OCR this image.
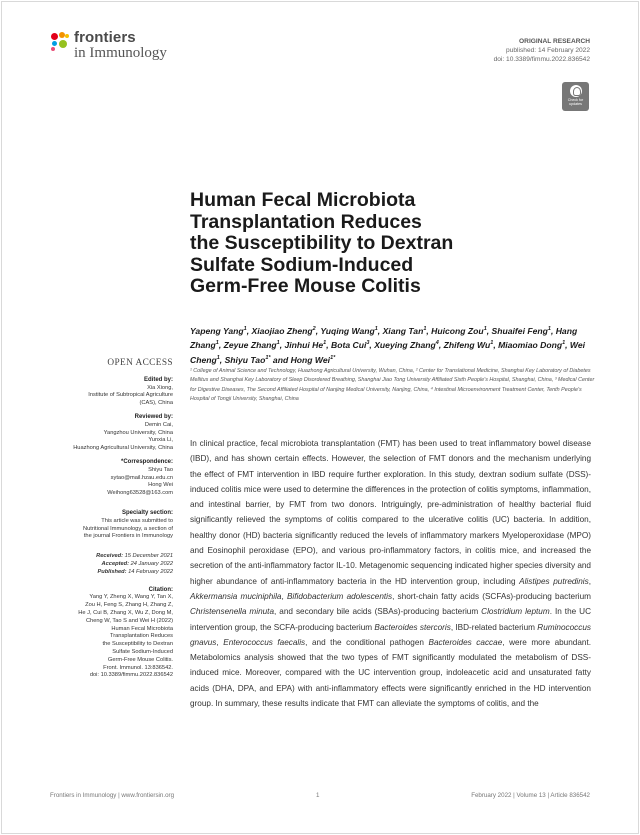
frontiers
in Immunology
ORIGINAL RESEARCH
published: 14 February 2022
doi: 10.3389/fimmu.2022.836542
Check for
updates
Human Fecal Microbiota
Transplantation Reduces
the Susceptibility to Dextran
Sulfate Sodium-Induced
Germ-Free Mouse Colitis
Yapeng Yang$^1$, Xiaojiao Zheng$^2$, Yuqing Wang$^1$, Xiang Tan$^1$, Huicong Zou$^1$, Shuaifei Feng$^1$, Hang Zhang$^1$, Zeyue Zhang$^1$, Jinhui He$^1$, Bota Cui$^3$, Xueying Zhang$^4$, Zhifeng Wu$^1$, Miaomiao Dong$^1$, Wei Cheng$^1$, Shiyu Tao$^{1*}$ and Hong Wei$^{1*}$
¹ College of Animal Science and Technology, Huazhong Agricultural University, Wuhan, China, ² Center for Translational Medicine, Shanghai Key Laboratory of Diabetes Mellitus and Shanghai Key Laboratory of Sleep Disordered Breathing, Shanghai Jiao Tong University Affiliated Sixth People's Hospital, Shanghai, China, ³ Medical Center for Digestive Diseases, The Second Affiliated Hospital of Nanjing Medical University, Nanjing, China, ⁴ Intestinal Microenvironment Treatment Center, Tenth People's Hospital of Tongji University, Shanghai, China
In clinical practice, fecal microbiota transplantation (FMT) has been used to treat inflammatory bowel disease (IBD), and has shown certain effects. However, the selection of FMT donors and the mechanism underlying the effect of FMT intervention in IBD require further exploration. In this study, dextran sodium sulfate (DSS)-induced colitis mice were used to determine the differences in the protection of colitis symptoms, inflammation, and intestinal barrier, by FMT from two donors. Intriguingly, pre-administration of healthy bacterial fluid significantly relieved the symptoms of colitis compared to the ulcerative colitis (UC) bacteria. In addition, healthy donor (HD) bacteria significantly reduced the levels of inflammatory markers Myeloperoxidase (MPO) and Eosinophil peroxidase (EPO), and various pro-inflammatory factors, in colitis mice, and increased the secretion of the anti-inflammatory factor IL-10. Metagenomic sequencing indicated higher species diversity and higher abundance of anti-inflammatory bacteria in the HD intervention group, including Alistipes putredinis, Akkermansia muciniphila, Bifidobacterium adolescentis, short-chain fatty acids (SCFAs)-producing bacterium Christensenella minuta, and secondary bile acids (SBAs)-producing bacterium Clostridium leptum. In the UC intervention group, the SCFA-producing bacterium Bacteroides stercoris, IBD-related bacterium Ruminococcus gnavus, Enterococcus faecalis, and the conditional pathogen Bacteroides caccae, were more abundant. Metabolomics analysis showed that the two types of FMT significantly modulated the metabolism of DSS-induced mice. Moreover, compared with the UC intervention group, indoleacetic acid and unsaturated fatty acids (DHA, DPA, and EPA) with anti-inflammatory effects were significantly enriched in the HD intervention group. In summary, these results indicate that FMT can alleviate the symptoms of colitis, and the
OPEN ACCESS
Edited by:
Xia Xiong,
Institute of Subtropical Agriculture
(CAS), China
Reviewed by:
Demin Cai,
Yangzhou University, China
Yunxia Li,
Huazhong Agricultural University, China
*Correspondence:
Shiyu Tao
sytao@mail.hzau.edu.cn
Hong Wei
Weihong63528@163.com
Specialty section:
This article was submitted to
Nutritional Immunology, a section of
the journal Frontiers in Immunology
Received: 15 December 2021
Accepted: 24 January 2022
Published: 14 February 2022
Citation:
Yang Y, Zheng X, Wang Y, Tan X,
Zou H, Feng S, Zhang H, Zhang Z,
He J, Cui B, Zhang X, Wu Z, Dong M,
Cheng W, Tao S and Wei H (2022)
Human Fecal Microbiota
Transplantation Reduces
the Susceptibility to Dextran
Sulfate Sodium-Induced
Germ-Free Mouse Colitis.
Front. Immunol. 13:836542.
doi: 10.3389/fimmu.2022.836542
Frontiers in Immunology | www.frontiersin.org	1	February 2022 | Volume 13 | Article 836542
